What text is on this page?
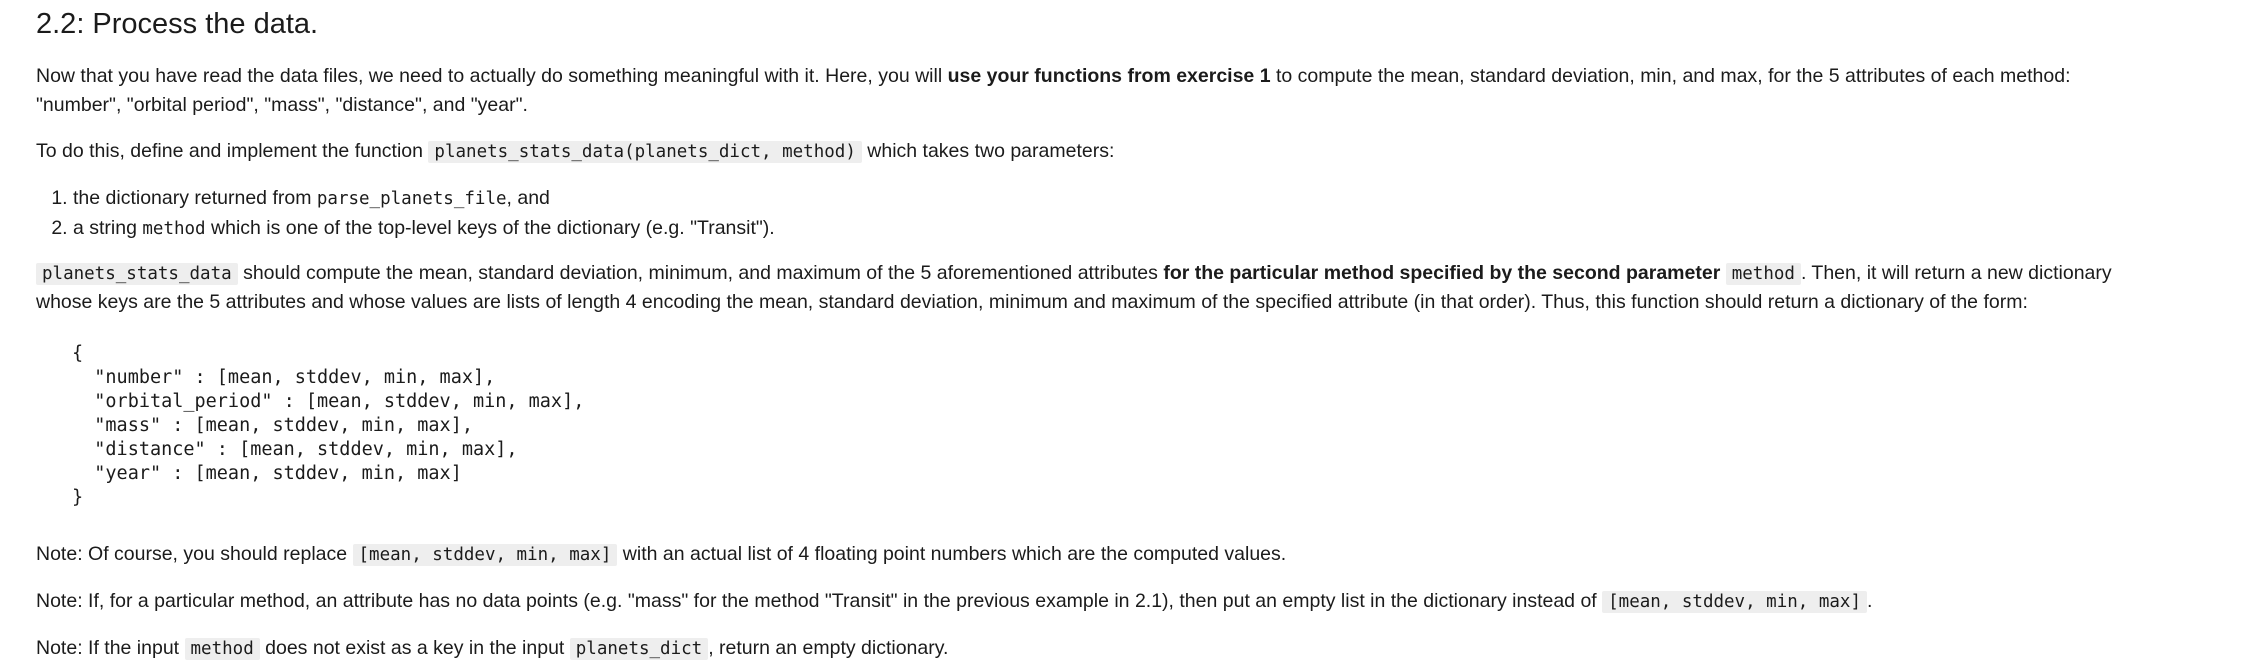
2.2: Process the data.

Now that you have read the data files, we need to actually do something meaningful with it. Here, you will use your functions from exercise 1 to compute the mean, standard deviation, min, and max, for the 5 attributes of each method:

"number", "orbital period", "mass", "distance", and "year".

To do this, define and implement the function planets_stats_data(planets_dict, method) which takes two parameters:

1. the dictionary returned from parse_planets_file, and
2. a string method which is one of the top-level keys of the dictionary (e.g. "Transit").

planets_stats_data should compute the mean, standard deviation, minimum, and maximum of the 5 aforementioned attributes for the particular method specified by the second parameter method . Then, it will return a new dictionary

whose keys are the 5 attributes and whose values are lists of length 4 encoding the mean, standard deviation, minimum and maximum of the specified attribute (in that order). Thus, this function should return a dictionary of the form:

{
"number" : [mean, stddev, min, max],
"orbital_period" : [mean, stddev, min, max],
"mass" : [mean, stddev, min, max],
"distance" : [mean, stddev, min, max],
"year" : [mean, stddev, min, max]
}

Note: Of course, you should replace [mean, stddev, min, max] with an actual list of 4 floating point numbers which are the computed values.

Note: If, for a particular method, an attribute has no data points (e.g. "mass" for the method "Transit" in the previous example in 2.1), then put an empty list in the dictionary instead of [mean, stddev, min, max] .

Note: If the input method does not exist as a key in the input planets_dict , return an empty dictionary.
